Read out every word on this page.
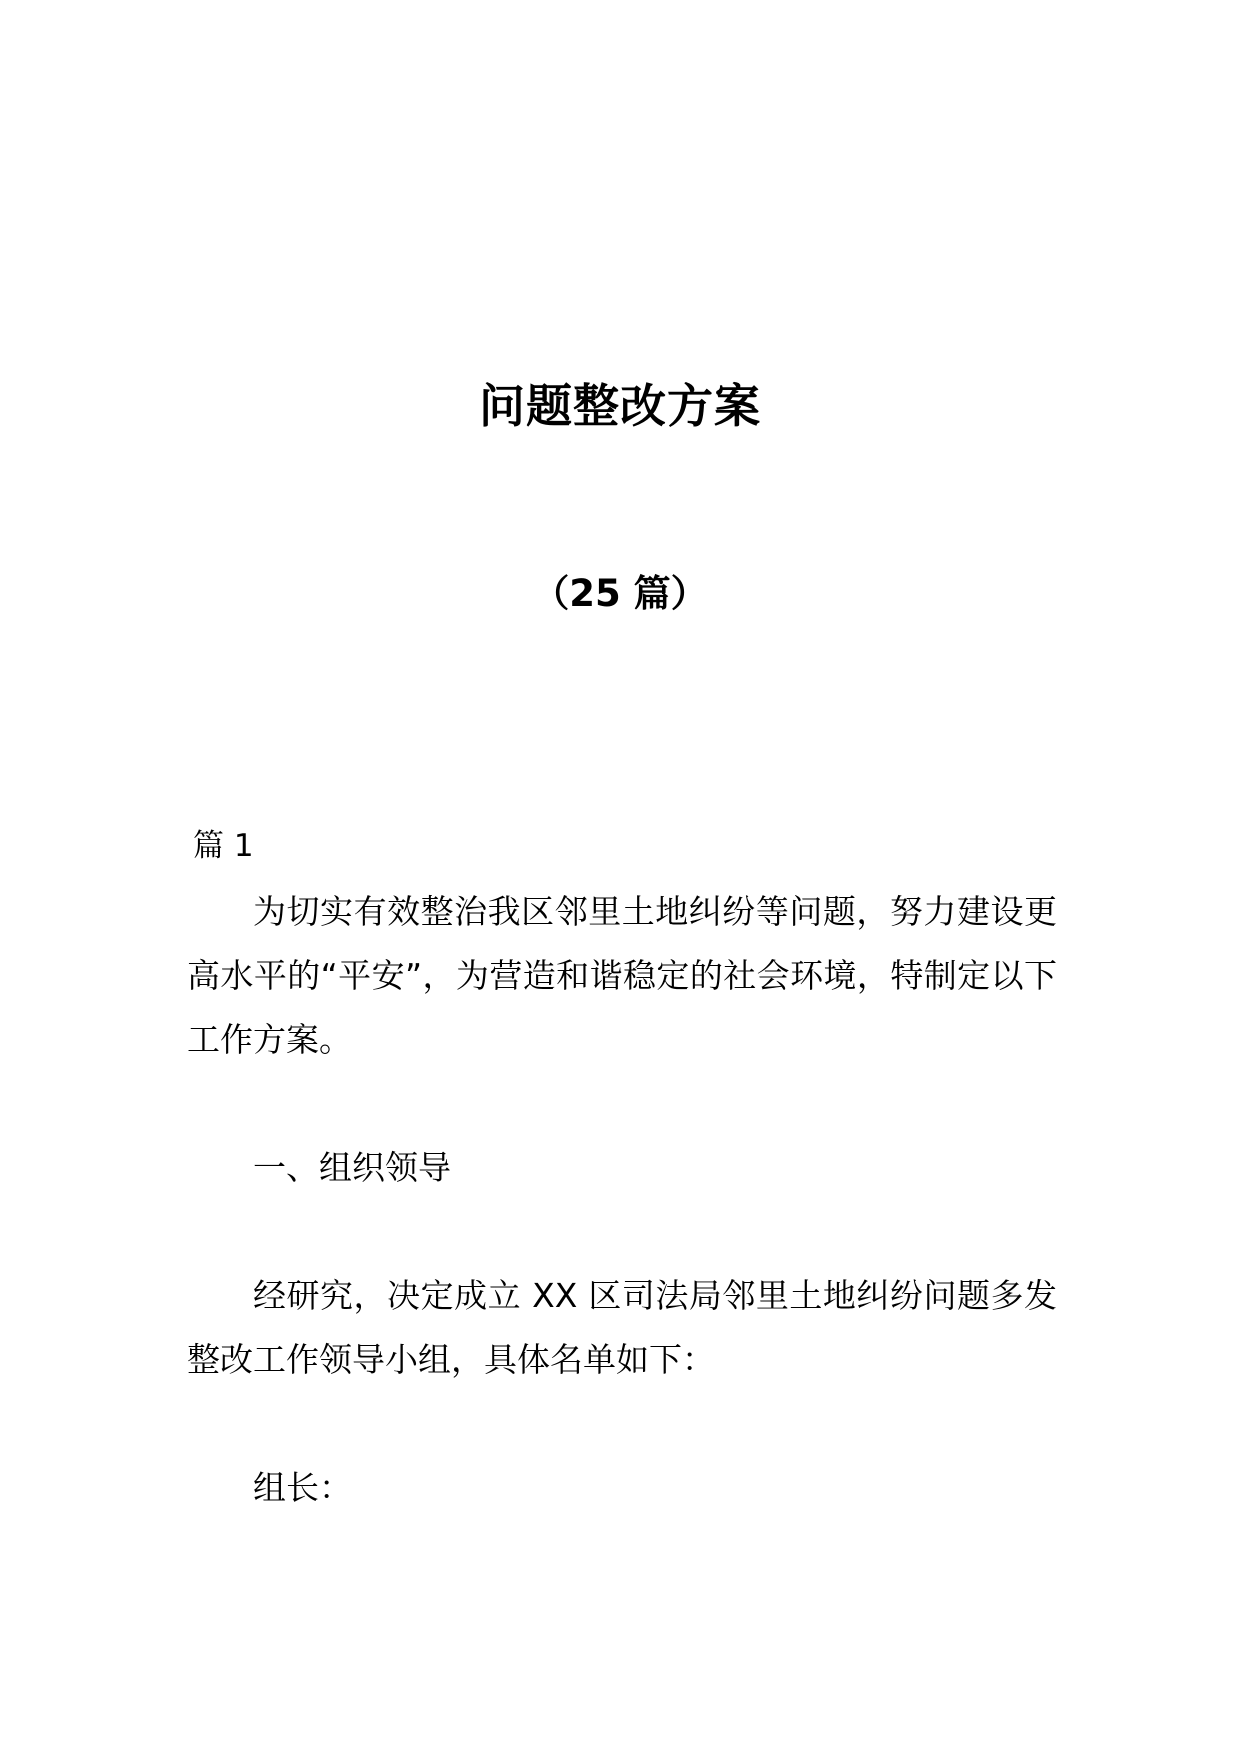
问题整改方案
（25 篇）
篇 1

为切实有效整治我区邻里土地纠纷等问题，努力建设更高水平的“平安”，为营造和谐稳定的社会环境，特制定以下工作方案。

一、组织领导

经研究，决定成立 XX 区司法局邻里土地纠纷问题多发整改工作领导小组，具体名单如下：

组长：
